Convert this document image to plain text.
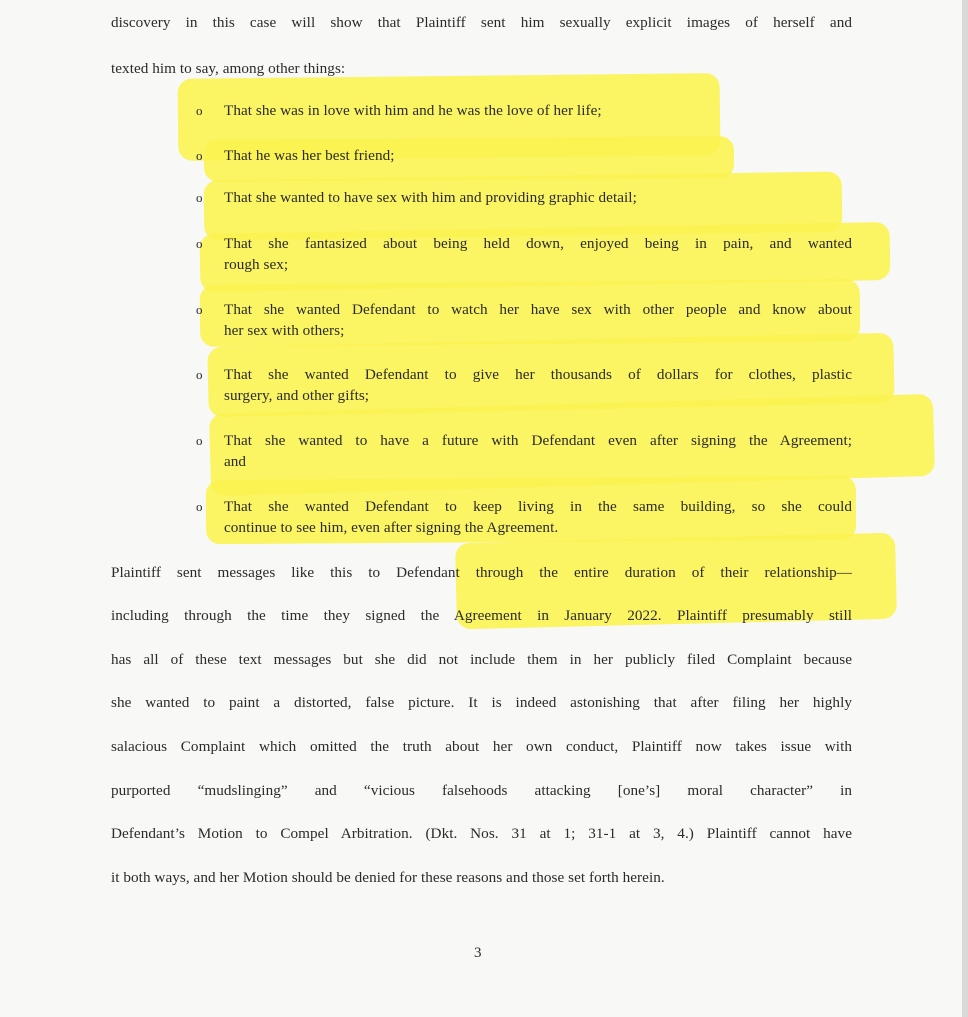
discovery in this case will show that Plaintiff sent him sexually explicit images of herself and
texted him to say, among other things:
o That she was in love with him and he was the love of her life;
o That he was her best friend;
o That she wanted to have sex with him and providing graphic detail;
o That she fantasized about being held down, enjoyed being in pain, and wanted
rough sex;
o That she wanted Defendant to watch her have sex with other people and know about
her sex with others;
o That she wanted Defendant to give her thousands of dollars for clothes, plastic
surgery, and other gifts;
o That she wanted to have a future with Defendant even after signing the Agreement;
and
o That she wanted Defendant to keep living in the same building, so she could
continue to see him, even after signing the Agreement.
Plaintiff sent messages like this to Defendant through the entire duration of their relationship—
including through the time they signed the Agreement in January 2022. Plaintiff presumably still
has all of these text messages but she did not include them in her publicly filed Complaint because
she wanted to paint a distorted, false picture. It is indeed astonishing that after filing her highly
salacious Complaint which omitted the truth about her own conduct, Plaintiff now takes issue with
purported “mudslinging” and “vicious falsehoods attacking [one’s] moral character” in
Defendant’s Motion to Compel Arbitration. (Dkt. Nos. 31 at 1; 31-1 at 3, 4.) Plaintiff cannot have
it both ways, and her Motion should be denied for these reasons and those set forth herein.
3
